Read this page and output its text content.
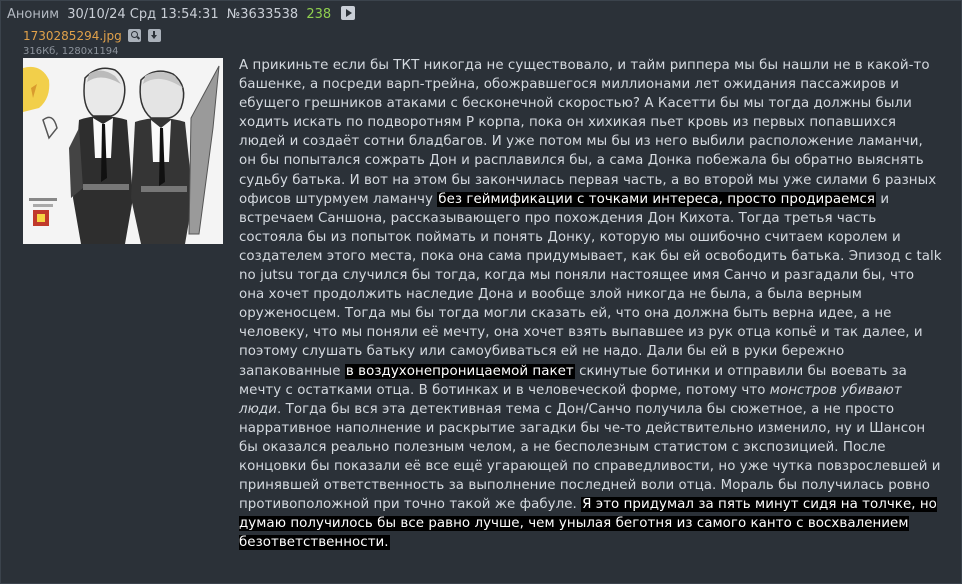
Аноним 30/10/24 Срд 13:54:31 №3633538 238
1730285294.jpg
316Кб, 1280x1194
А прикиньте если бы ТКТ никогда не существовало, и тайм риппера мы бы нашли не в какой-то башенке, а посреди варп-трейна, обожравшегося миллионами лет ожидания пассажиров и ебущего грешников атаками с бесконечной скоростью? А Касетти бы мы тогда должны были ходить искать по подворотням Р корпа, пока он хихикая пьет кровь из первых попавшихся людей и создаёт сотни бладбагов. И уже потом мы бы из него выбили расположение ламанчи, он бы попытался сожрать Дон и расплавился бы, а сама Донка побежала бы обратно выяснять судьбу батька. И вот на этом бы закончилась первая часть, а во второй мы уже силами 6 разных офисов штурмуем ламанчу без геймификации с точками интереса, просто продираемся и встречаем Саншона, рассказывающего про похождения Дон Кихота. Тогда третья часть состояла бы из попыток поймать и понять Донку, которую мы ошибочно считаем королем и создателем этого места, пока она сама придумывает, как бы ей освободить батька. Эпизод с talk no jutsu тогда случился бы тогда, когда мы поняли настоящее имя Санчо и разгадали бы, что она хочет продолжить наследие Дона и вообще злой никогда не была, а была верным оруженосцем. Тогда мы бы тогда могли сказать ей, что она должна быть верна идее, а не человеку, что мы поняли её мечту, она хочет взять выпавшее из рук отца копьё и так далее, и поэтому слушать батьку или самоубиваться ей не надо. Дали бы ей в руки бережно запакованные в воздухонепроницаемой пакет скинутые ботинки и отправили бы воевать за мечту с остатками отца. В ботинках и в человеческой форме, потому что монстров убивают люди. Тогда бы вся эта детективная тема с Дон/Санчо получила бы сюжетное, а не просто нарративное наполнение и раскрытие загадки бы че-то действительно изменило, ну и Шансон бы оказался реально полезным челом, а не бесполезным статистом с экспозицией. После концовки бы показали её все ещё угарающей по справедливости, но уже чутка повзрослевшей и принявшей ответственность за выполнение последней воли отца. Мораль бы получилась ровно противоположной при точно такой же фабуле. Я это придумал за пять минут сидя на толчке, но думаю получилось бы все равно лучше, чем унылая беготня из самого канто с восхвалением безответственности.
